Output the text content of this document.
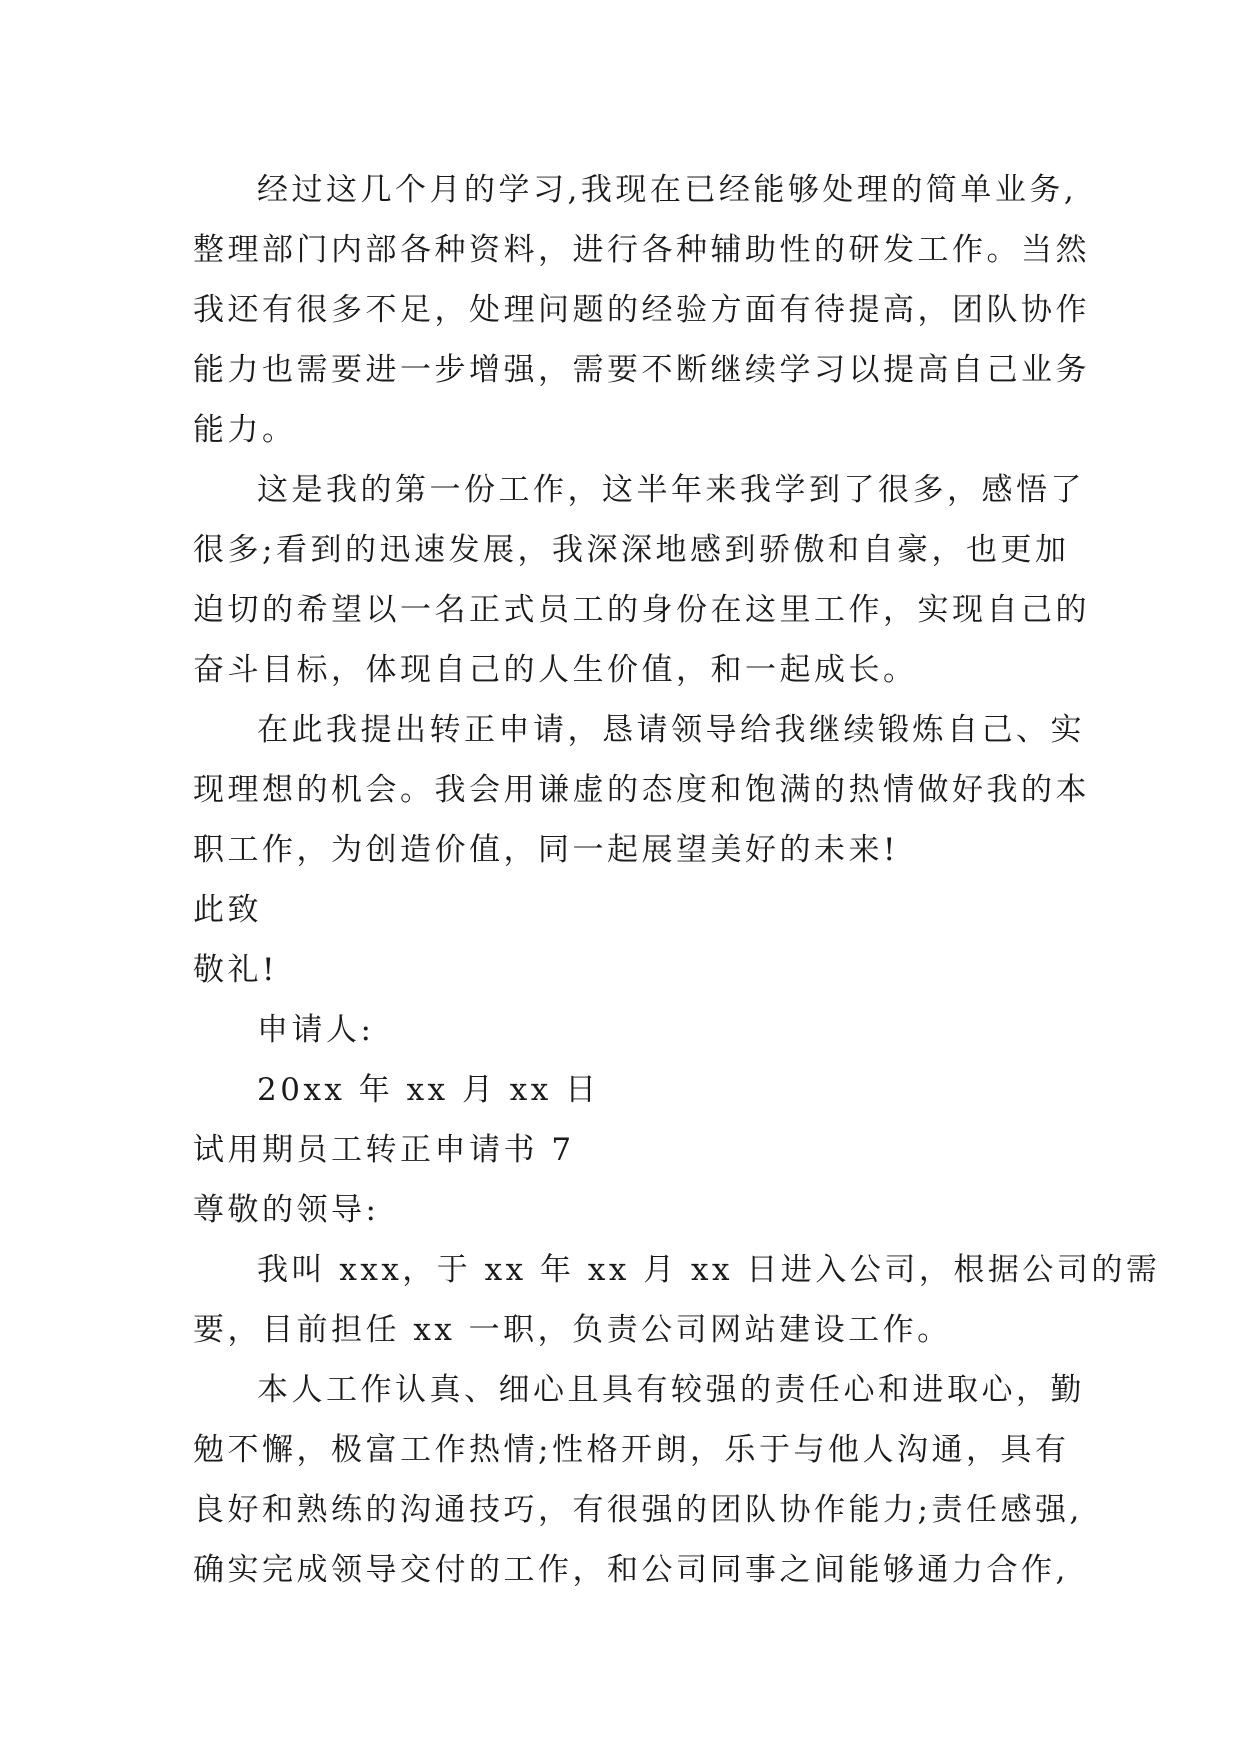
经过这几个月的学习,我现在已经能够处理的简单业务,
整理部门内部各种资料，进行各种辅助性的研发工作。当然
我还有很多不足，处理问题的经验方面有待提高，团队协作
能力也需要进一步增强，需要不断继续学习以提高自己业务
能力。
这是我的第一份工作，这半年来我学到了很多，感悟了
很多;看到的迅速发展，我深深地感到骄傲和自豪，也更加
迫切的希望以一名正式员工的身份在这里工作，实现自己的
奋斗目标，体现自己的人生价值，和一起成长。
在此我提出转正申请，恳请领导给我继续锻炼自己、实
现理想的机会。我会用谦虚的态度和饱满的热情做好我的本
职工作，为创造价值，同一起展望美好的未来!
此致
敬礼!
申请人:
20xx 年 xx 月 xx 日
试用期员工转正申请书 7
尊敬的领导:
我叫 xxx，于 xx 年 xx 月 xx 日进入公司，根据公司的需
要，目前担任 xx 一职，负责公司网站建设工作。
本人工作认真、细心且具有较强的责任心和进取心，勤
勉不懈，极富工作热情;性格开朗，乐于与他人沟通，具有
良好和熟练的沟通技巧，有很强的团队协作能力;责任感强,
确实完成领导交付的工作，和公司同事之间能够通力合作,
